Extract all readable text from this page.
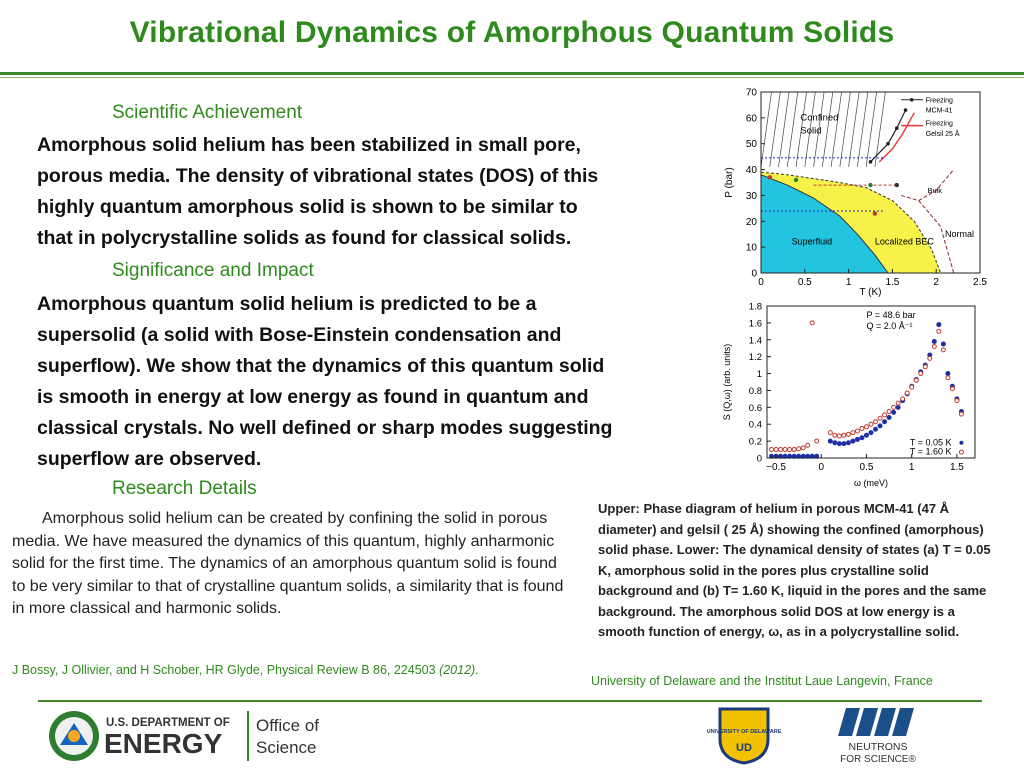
Vibrational Dynamics of Amorphous Quantum Solids
Scientific Achievement
Amorphous solid helium has been stabilized in small pore,
porous media. The density of vibrational states (DOS) of this
highly quantum amorphous solid is shown to be similar to
that in polycrystalline solids as found for classical solids.
Significance and Impact
Amorphous quantum solid helium is predicted to be a
supersolid (a solid with Bose-Einstein condensation and
superflow). We show that the dynamics of this quantum solid
is smooth in energy at low energy as found in quantum and
classical crystals. No well defined or sharp modes suggesting
superflow are observed.
Research Details
Amorphous solid helium can be created by confining the solid in porous media. We have measured the dynamics of this quantum, highly anharmonic solid for the first time. The dynamics of an amorphous quantum solid is found to be very similar to that of crystalline quantum solids, a similarity that is found in more classical and harmonic solids.
J Bossy, J Ollivier, and H Schober, HR Glyde, Physical Review B 86, 224503 (2012).
Upper: Phase diagram of helium in porous MCM-41 (47 Å diameter) and gelsil ( 25 Å) showing the confined (amorphous) solid phase. Lower: The dynamical density of states (a) T = 0.05 K, amorphous solid in the pores plus crystalline solid background and (b) T= 1.60 K, liquid in the pores and the same background. The amorphous solid DOS at low energy is a smooth function of energy, ω, as in a polycrystalline solid.
University of Delaware and the Institut Laue Langevin, France
0	0.5	1	1.5	2	2.5
0
10
20
30
40
50
60
70
T (K)
P (bar)
Confined
Solid
Superfluid	Localized BEC
Normal
Bulk
Freezing
MCM-41
Freezing
Gelsil 25 Å
−0.5	0	0.5	1	1.5
0
0.2
0.4
0.6
0.8
1
1.2
1.4
1.6
1.8
ω (meV)
S (Q,ω) (arb. units)
P = 48.6 bar
Q = 2.0 Å⁻¹
T = 0.05 K
T = 1.60 K
U.S. DEPARTMENT OF
ENERGY
Office of
Science
UNIVERSITY OF DELAWARE
UD	NEUTRONS
FOR SCIENCE®
